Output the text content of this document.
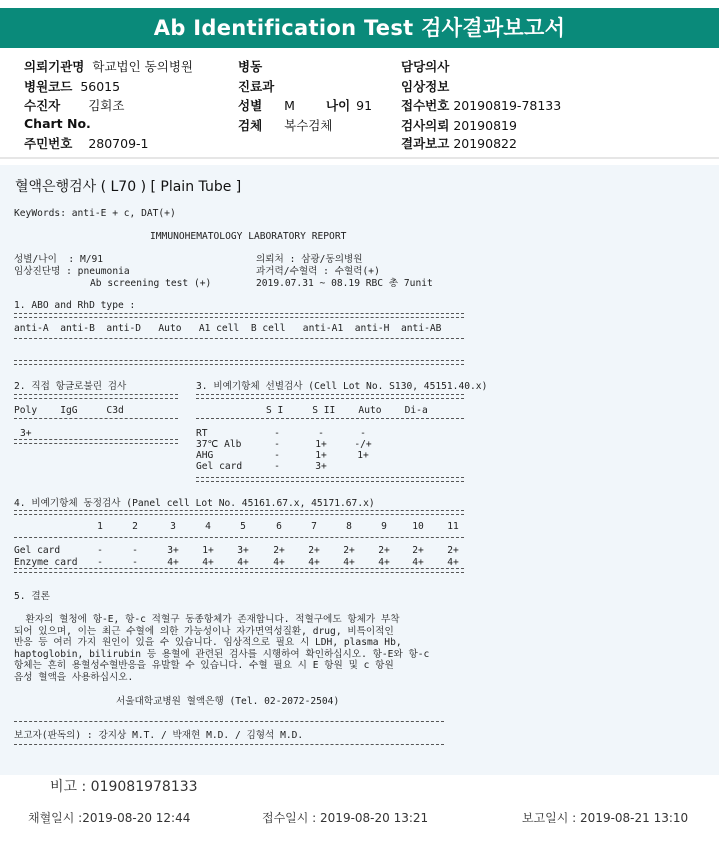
Ab Identification Test 검사결과보고서
의뢰기관명 학교법인 동의병원
병원코드 56015
수진자 김회조
Chart No.
주민번호 280709-1
병동
진료과
성별 M 나이 91
검체 복수검체
담당의사
임상정보
접수번호 20190819-78133
검사의뢰 20190819
결과보고 20190822
혈액은행검사 ( L70 ) [ Plain Tube ]
KeyWords: anti-E + c, DAT(+)
IMMUNOHEMATOLOGY LABORATORY REPORT
성별/나이  : M/91
임상진단명 : pneumonia
Ab screening test (+)
의뢰처 : 삼광/동의병원
과거력/수혈력 : 수혈력(+)
2019.07.31 ~ 08.19 RBC 총 7unit
1. ABO and RhD type :
anti-A  anti-B  anti-D   Auto   A1 cell  B cell   anti-A1  anti-H  anti-AB
2. 직접 항글로불린 검사
Poly    IgG     C3d
3+
3. 비예기항체 선별검사 (Cell Lot No. S130, 45151.40.x)
S I     S II    Auto    Di-a
RT	-	-	-
37℃ Alb	-	1+	-/+
AHG	-	1+	1+
Gel card	-	3+
4. 비예기항체 동정검사 (Panel cell Lot No. 45161.67.x, 45171.67.x)
1	2	3	4	5	6	7	8	9	10	11
Gel card	-	-	3+	1+	3+	2+	2+	2+	2+	2+	2+
Enzyme card	-	-	4+	4+	4+	4+	4+	4+	4+	4+	4+
5. 결론
환자의 혈청에 항-E, 항-c 적혈구 동종항체가 존재합니다. 적혈구에도 항체가 부착
되어 있으며, 이는 최근 수혈에 의한 가능성이나 자가면역성질환, drug, 비특이적인
반응 등 여러 가지 원인이 있을 수 있습니다. 임상적으로 필요 시 LDH, plasma Hb,
haptoglobin, bilirubin 등 용혈에 관련된 검사를 시행하여 확인하십시오. 항-E와 항-c
항체는 흔히 용혈성수혈반응을 유발할 수 있습니다. 수혈 필요 시 E 항원 및 c 항원
음성 혈액을 사용하십시오.
서울대학교병원 혈액은행 (Tel. 02-2072-2504)
보고자(판독의) : 강지상 M.T. / 박재현 M.D. / 김형석 M.D.
비고 : 019081978133
채혈일시 :2019-08-20 12:44	접수일시 : 2019-08-20 13:21	보고일시 : 2019-08-21 13:10
